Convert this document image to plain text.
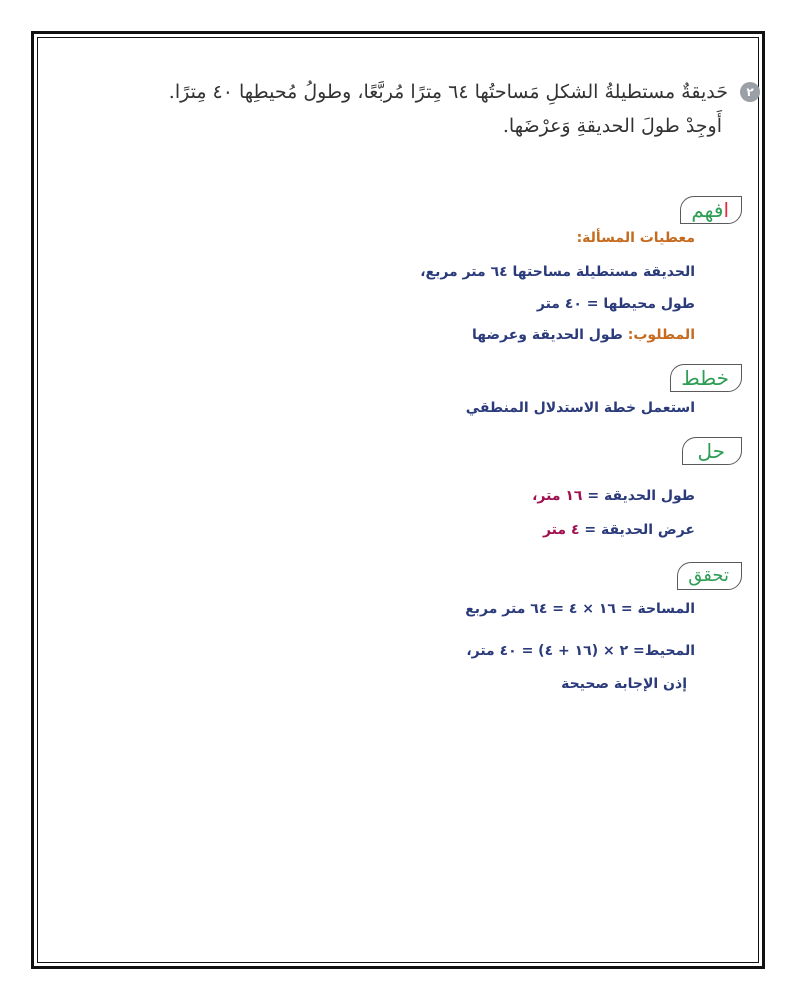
٢
حَديقةٌ مستطيلةُ الشكلِ مَساحتُها ٦٤ مِترًا مُربَّعًا، وطولُ مُحيطِها ٤٠ مِترًا.
أَوجِدْ طولَ الحديقةِ وَعرْضَها.
افهم
معطيات المسألة:
الحديقة مستطيلة مساحتها ٦٤ متر مربع،
طول محيطها = ٤٠ متر
المطلوب: طول الحديقة وعرضها
خطط
استعمل خطة الاستدلال المنطقي
حل
طول الحديقة = ١٦ متر،
عرض الحديقة = ٤ متر
تحقق
المساحة = ١٦ × ٤ = ٦٤ متر مربع
المحيط= ٢ × (١٦ + ٤) = ٤٠ متر،
إذن الإجابة صحيحة
